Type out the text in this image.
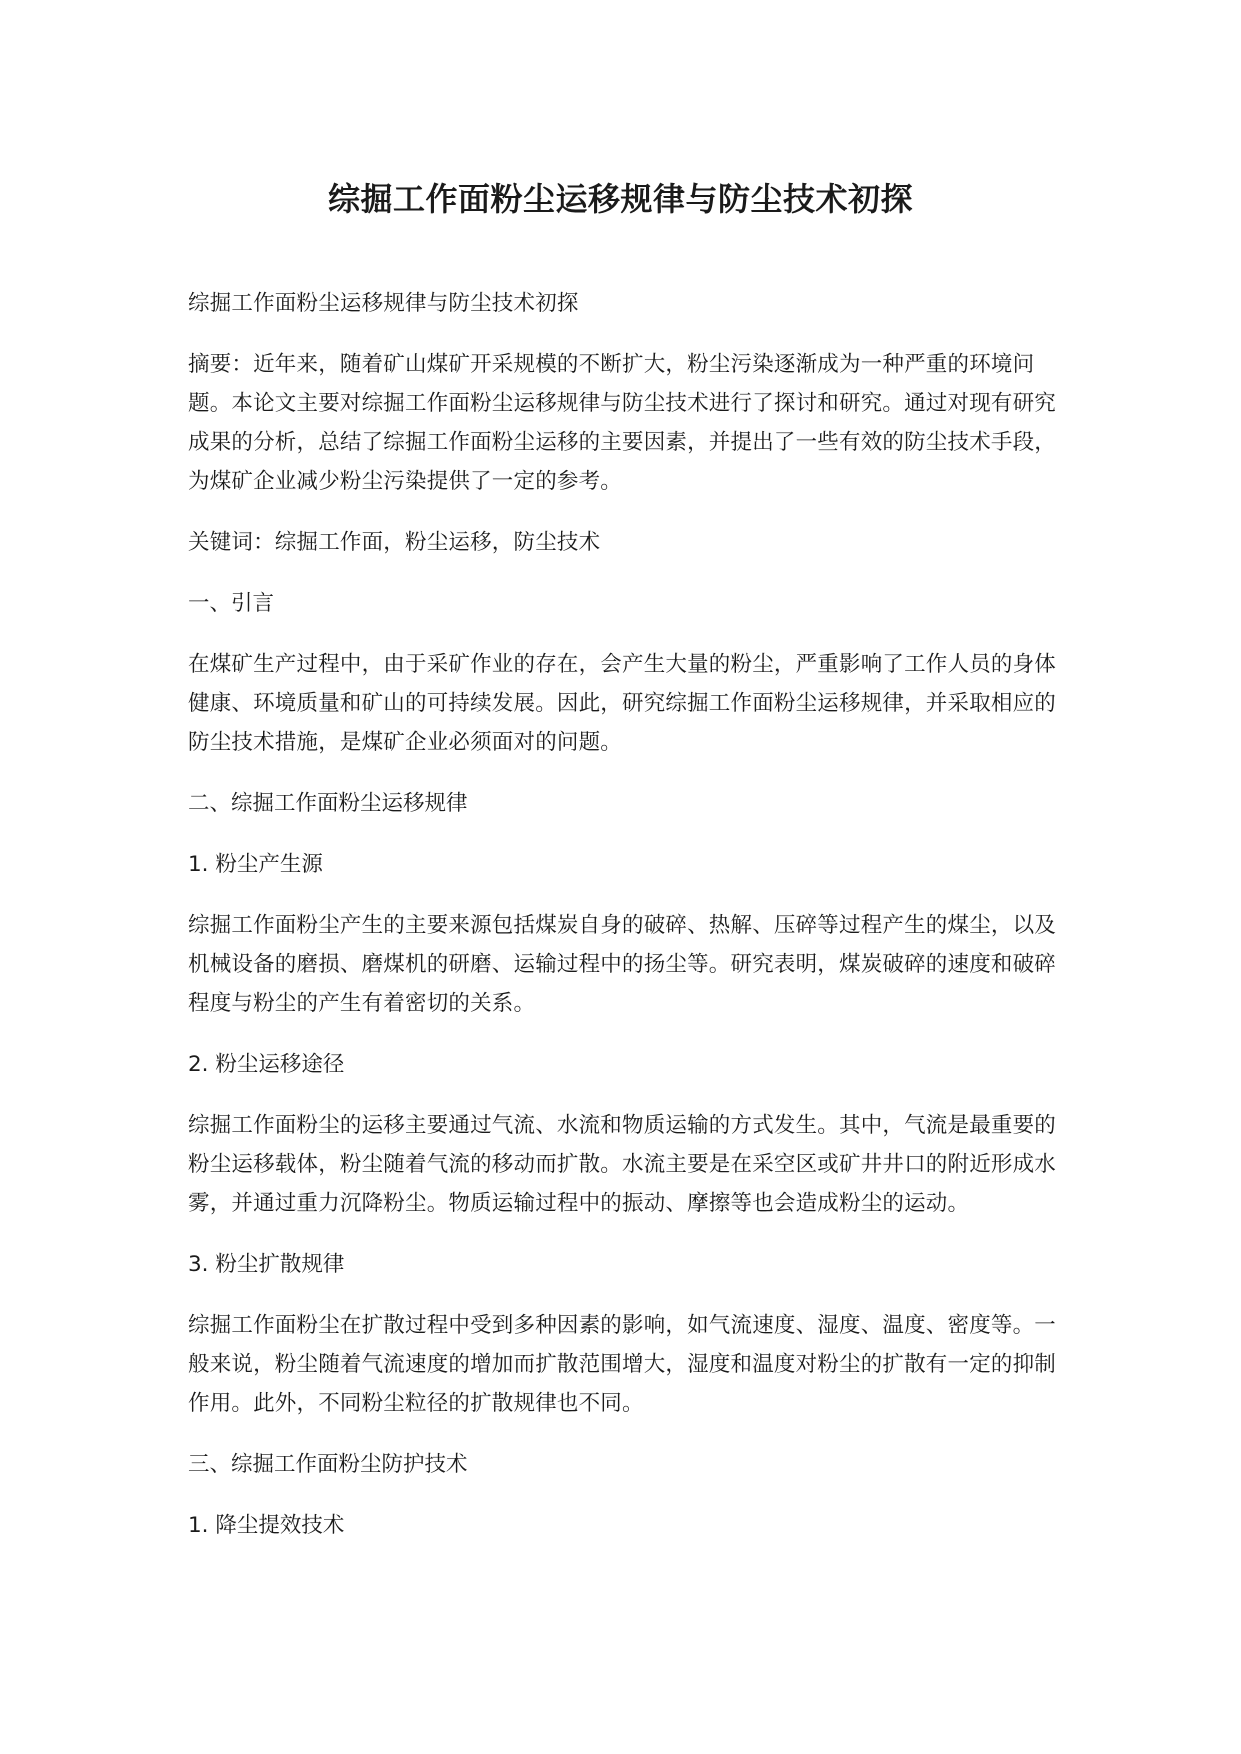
综掘工作面粉尘运移规律与防尘技术初探

综掘工作面粉尘运移规律与防尘技术初探

摘要：近年来，随着矿山煤矿开采规模的不断扩大，粉尘污染逐渐成为一种严重的环境问题。本论文主要对综掘工作面粉尘运移规律与防尘技术进行了探讨和研究。通过对现有研究成果的分析，总结了综掘工作面粉尘运移的主要因素，并提出了一些有效的防尘技术手段，为煤矿企业减少粉尘污染提供了一定的参考。

关键词：综掘工作面，粉尘运移，防尘技术

一、引言

在煤矿生产过程中，由于采矿作业的存在，会产生大量的粉尘，严重影响了工作人员的身体健康、环境质量和矿山的可持续发展。因此，研究综掘工作面粉尘运移规律，并采取相应的防尘技术措施，是煤矿企业必须面对的问题。

二、综掘工作面粉尘运移规律

1. 粉尘产生源

综掘工作面粉尘产生的主要来源包括煤炭自身的破碎、热解、压碎等过程产生的煤尘，以及机械设备的磨损、磨煤机的研磨、运输过程中的扬尘等。研究表明，煤炭破碎的速度和破碎程度与粉尘的产生有着密切的关系。

2. 粉尘运移途径

综掘工作面粉尘的运移主要通过气流、水流和物质运输的方式发生。其中，气流是最重要的粉尘运移载体，粉尘随着气流的移动而扩散。水流主要是在采空区或矿井井口的附近形成水雾，并通过重力沉降粉尘。物质运输过程中的振动、摩擦等也会造成粉尘的运动。

3. 粉尘扩散规律

综掘工作面粉尘在扩散过程中受到多种因素的影响，如气流速度、湿度、温度、密度等。一般来说，粉尘随着气流速度的增加而扩散范围增大，湿度和温度对粉尘的扩散有一定的抑制作用。此外，不同粉尘粒径的扩散规律也不同。

三、综掘工作面粉尘防护技术

1. 降尘提效技术
